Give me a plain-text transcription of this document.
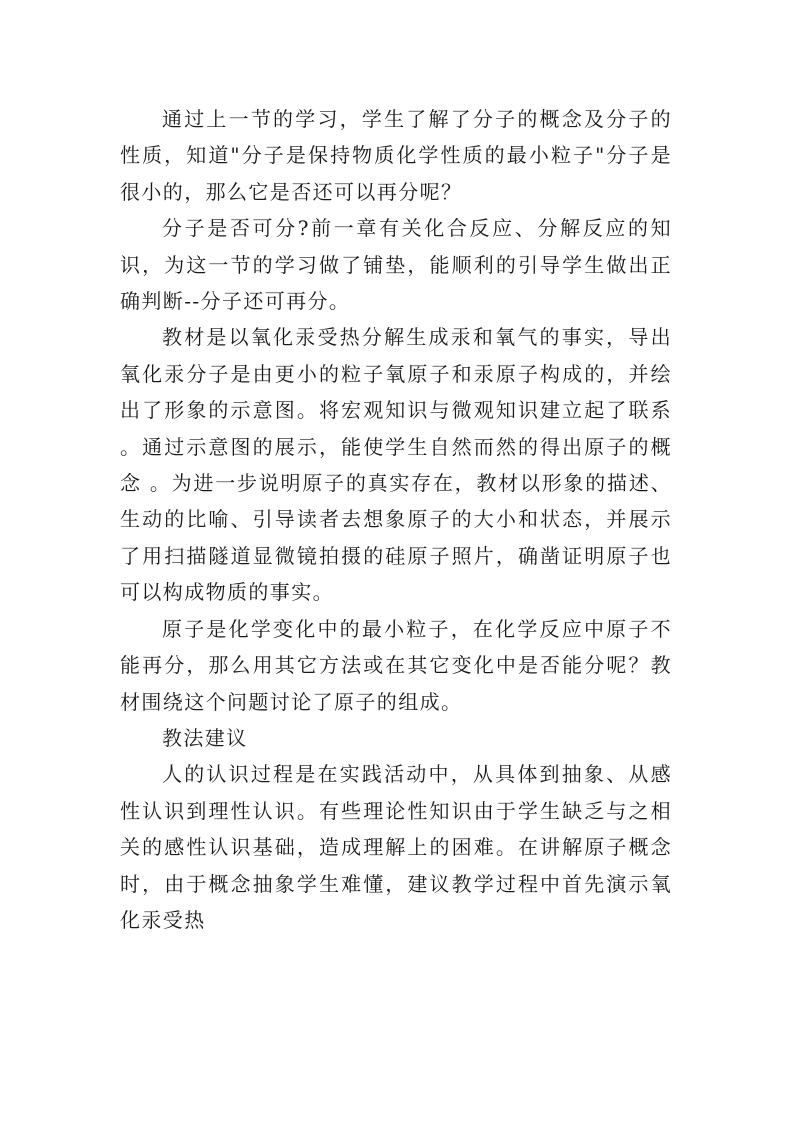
通过上一节的学习，学生了解了分子的概念及分子的性质，知道"分子是保持物质化学性质的最小粒子"分子是很小的，那么它是否还可以再分呢？

分子是否可分?前一章有关化合反应、分解反应的知识，为这一节的学习做了铺垫，能顺利的引导学生做出正确判断--分子还可再分。

教材是以氧化汞受热分解生成汞和氧气的事实，导出氧化汞分子是由更小的粒子氧原子和汞原子构成的，并绘出了形象的示意图。将宏观知识与微观知识建立起了联系 。通过示意图的展示，能使学生自然而然的得出原子的概念 。为进一步说明原子的真实存在，教材以形象的描述、生动的比喻、引导读者去想象原子的大小和状态，并展示了用扫描隧道显微镜拍摄的硅原子照片，确凿证明原子也可以构成物质的事实。

原子是化学变化中的最小粒子，在化学反应中原子不能再分，那么用其它方法或在其它变化中是否能分呢？教材围绕这个问题讨论了原子的组成。

教法建议

人的认识过程是在实践活动中，从具体到抽象、从感性认识到理性认识。有些理论性知识由于学生缺乏与之相关的感性认识基础，造成理解上的困难。在讲解原子概念时，由于概念抽象学生难懂，建议教学过程中首先演示氧化汞受热
